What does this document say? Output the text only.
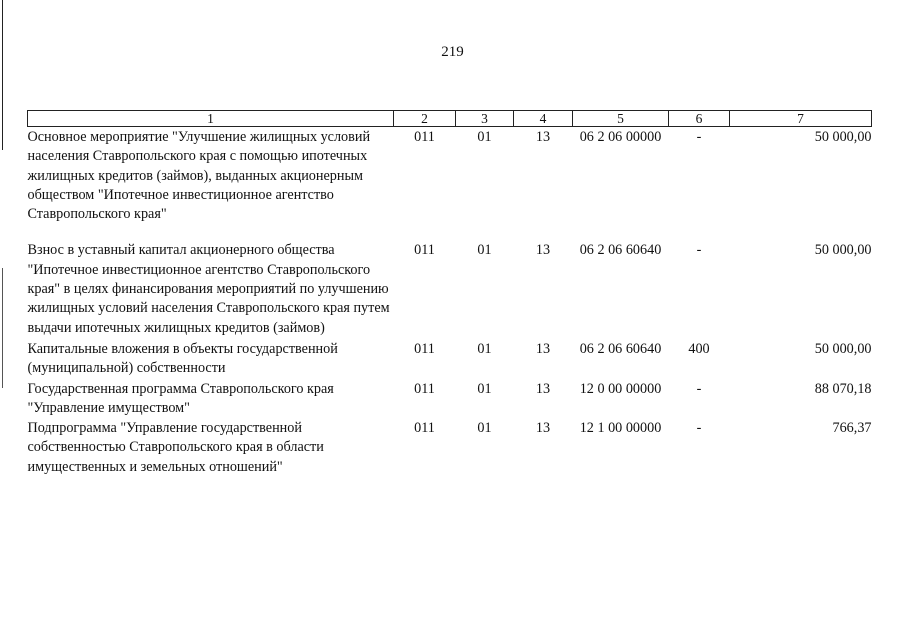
219
1	2	3	4	5	6	7
Основное мероприятие "Улучшение жилищных условий населения Ставропольского края с помощью ипотечных жилищных кредитов (займов), выданных акционерным обществом "Ипотечное инвестиционное агентство Ставропольского края"	011	01	13	06 2 06 00000	-	50 000,00
Взнос в уставный капитал акционерного общества "Ипотечное инвестиционное агентство Ставропольского края" в целях финансирования мероприятий по улучшению жилищных условий населения Ставропольского края путем выдачи ипотечных жилищных кредитов (займов)	011	01	13	06 2 06 60640	-	50 000,00
Капитальные вложения в объекты государственной (муниципальной) собственности	011	01	13	06 2 06 60640	400	50 000,00
Государственная программа Ставропольского края "Управление имуществом"	011	01	13	12 0 00 00000	-	88 070,18
Подпрограмма "Управление государственной собственностью Ставропольского края в области имущественных и земельных отношений"	011	01	13	12 1 00 00000	-	766,37
